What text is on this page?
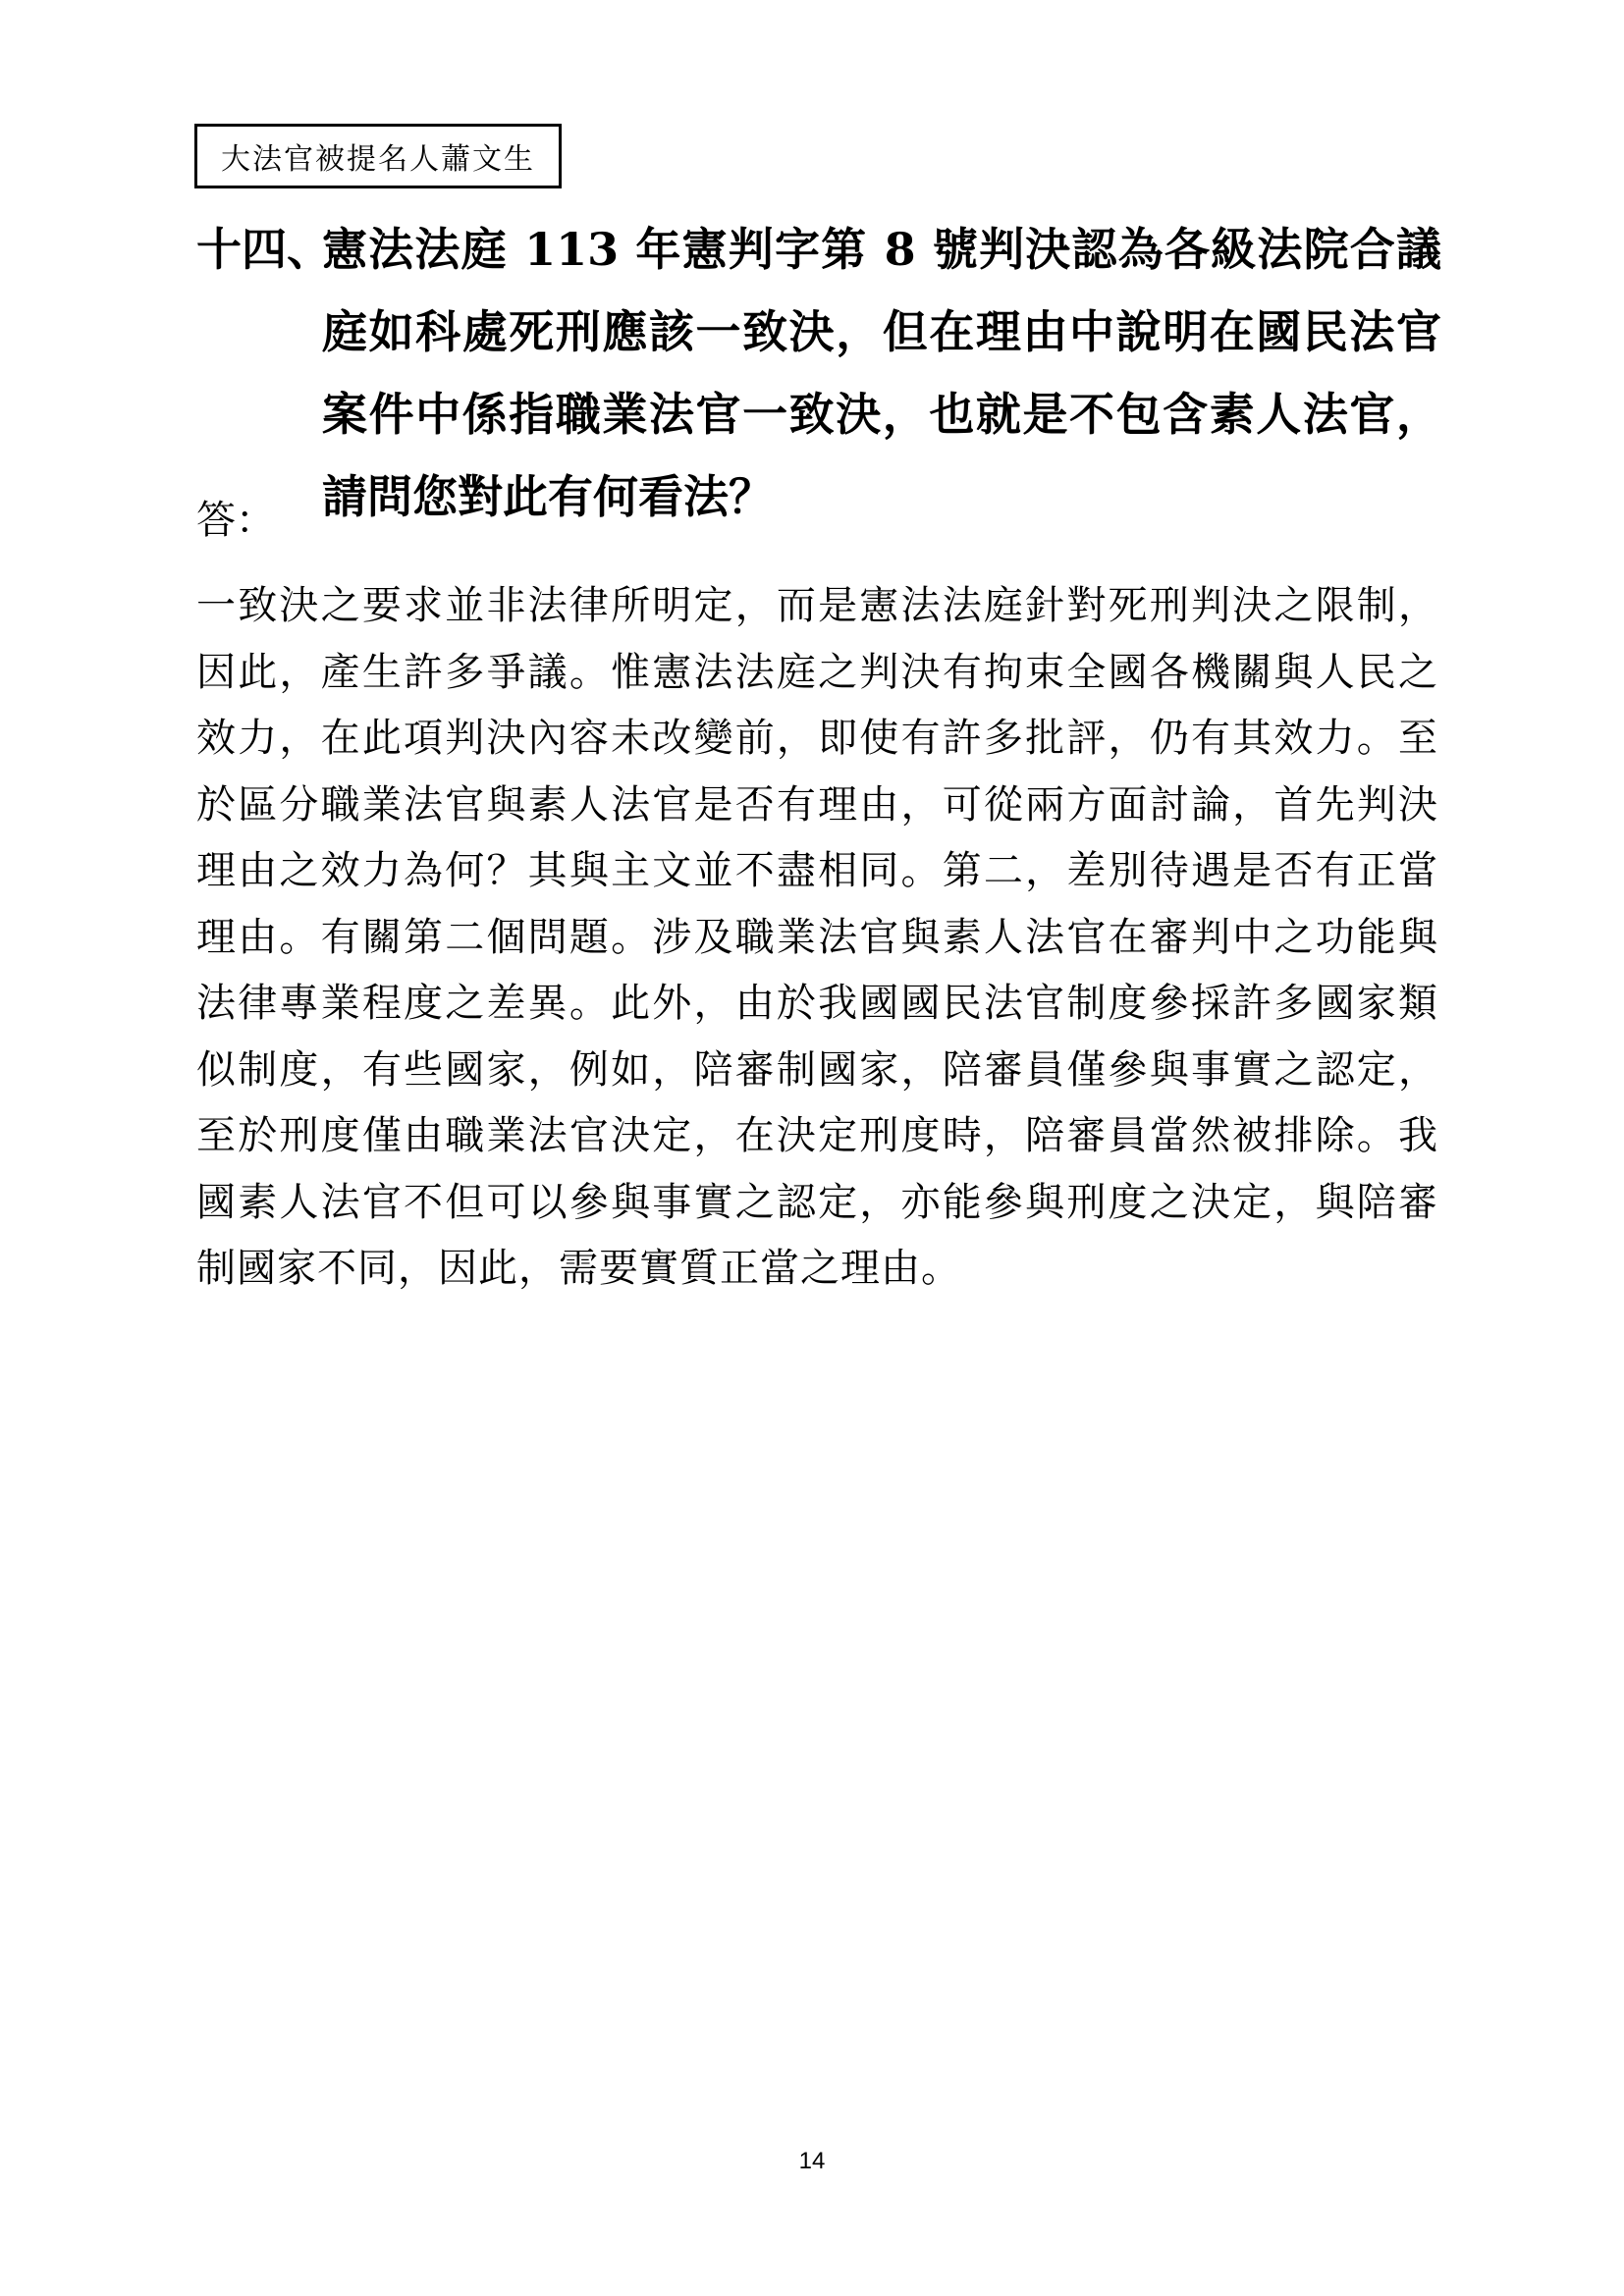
大法官被提名人蕭文生
十四、
憲法法庭 113 年憲判字第 8 號判決認為各級法院合議庭如科處死刑應該一致決，但在理由中說明在國民法官案件中係指職業法官一致決，也就是不包含素人法官，請問您對此有何看法？
答：
一致決之要求並非法律所明定，而是憲法法庭針對死刑判決之限制，因此，產生許多爭議。惟憲法法庭之判決有拘束全國各機關與人民之效力，在此項判決內容未改變前，即使有許多批評，仍有其效力。至於區分職業法官與素人法官是否有理由，可從兩方面討論，首先判決理由之效力為何？其與主文並不盡相同。第二，差別待遇是否有正當理由。有關第二個問題。涉及職業法官與素人法官在審判中之功能與法律專業程度之差異。此外，由於我國國民法官制度參採許多國家類似制度，有些國家，例如，陪審制國家，陪審員僅參與事實之認定，至於刑度僅由職業法官決定，在決定刑度時，陪審員當然被排除。我國素人法官不但可以參與事實之認定，亦能參與刑度之決定，與陪審制國家不同，因此，需要實質正當之理由。
14
